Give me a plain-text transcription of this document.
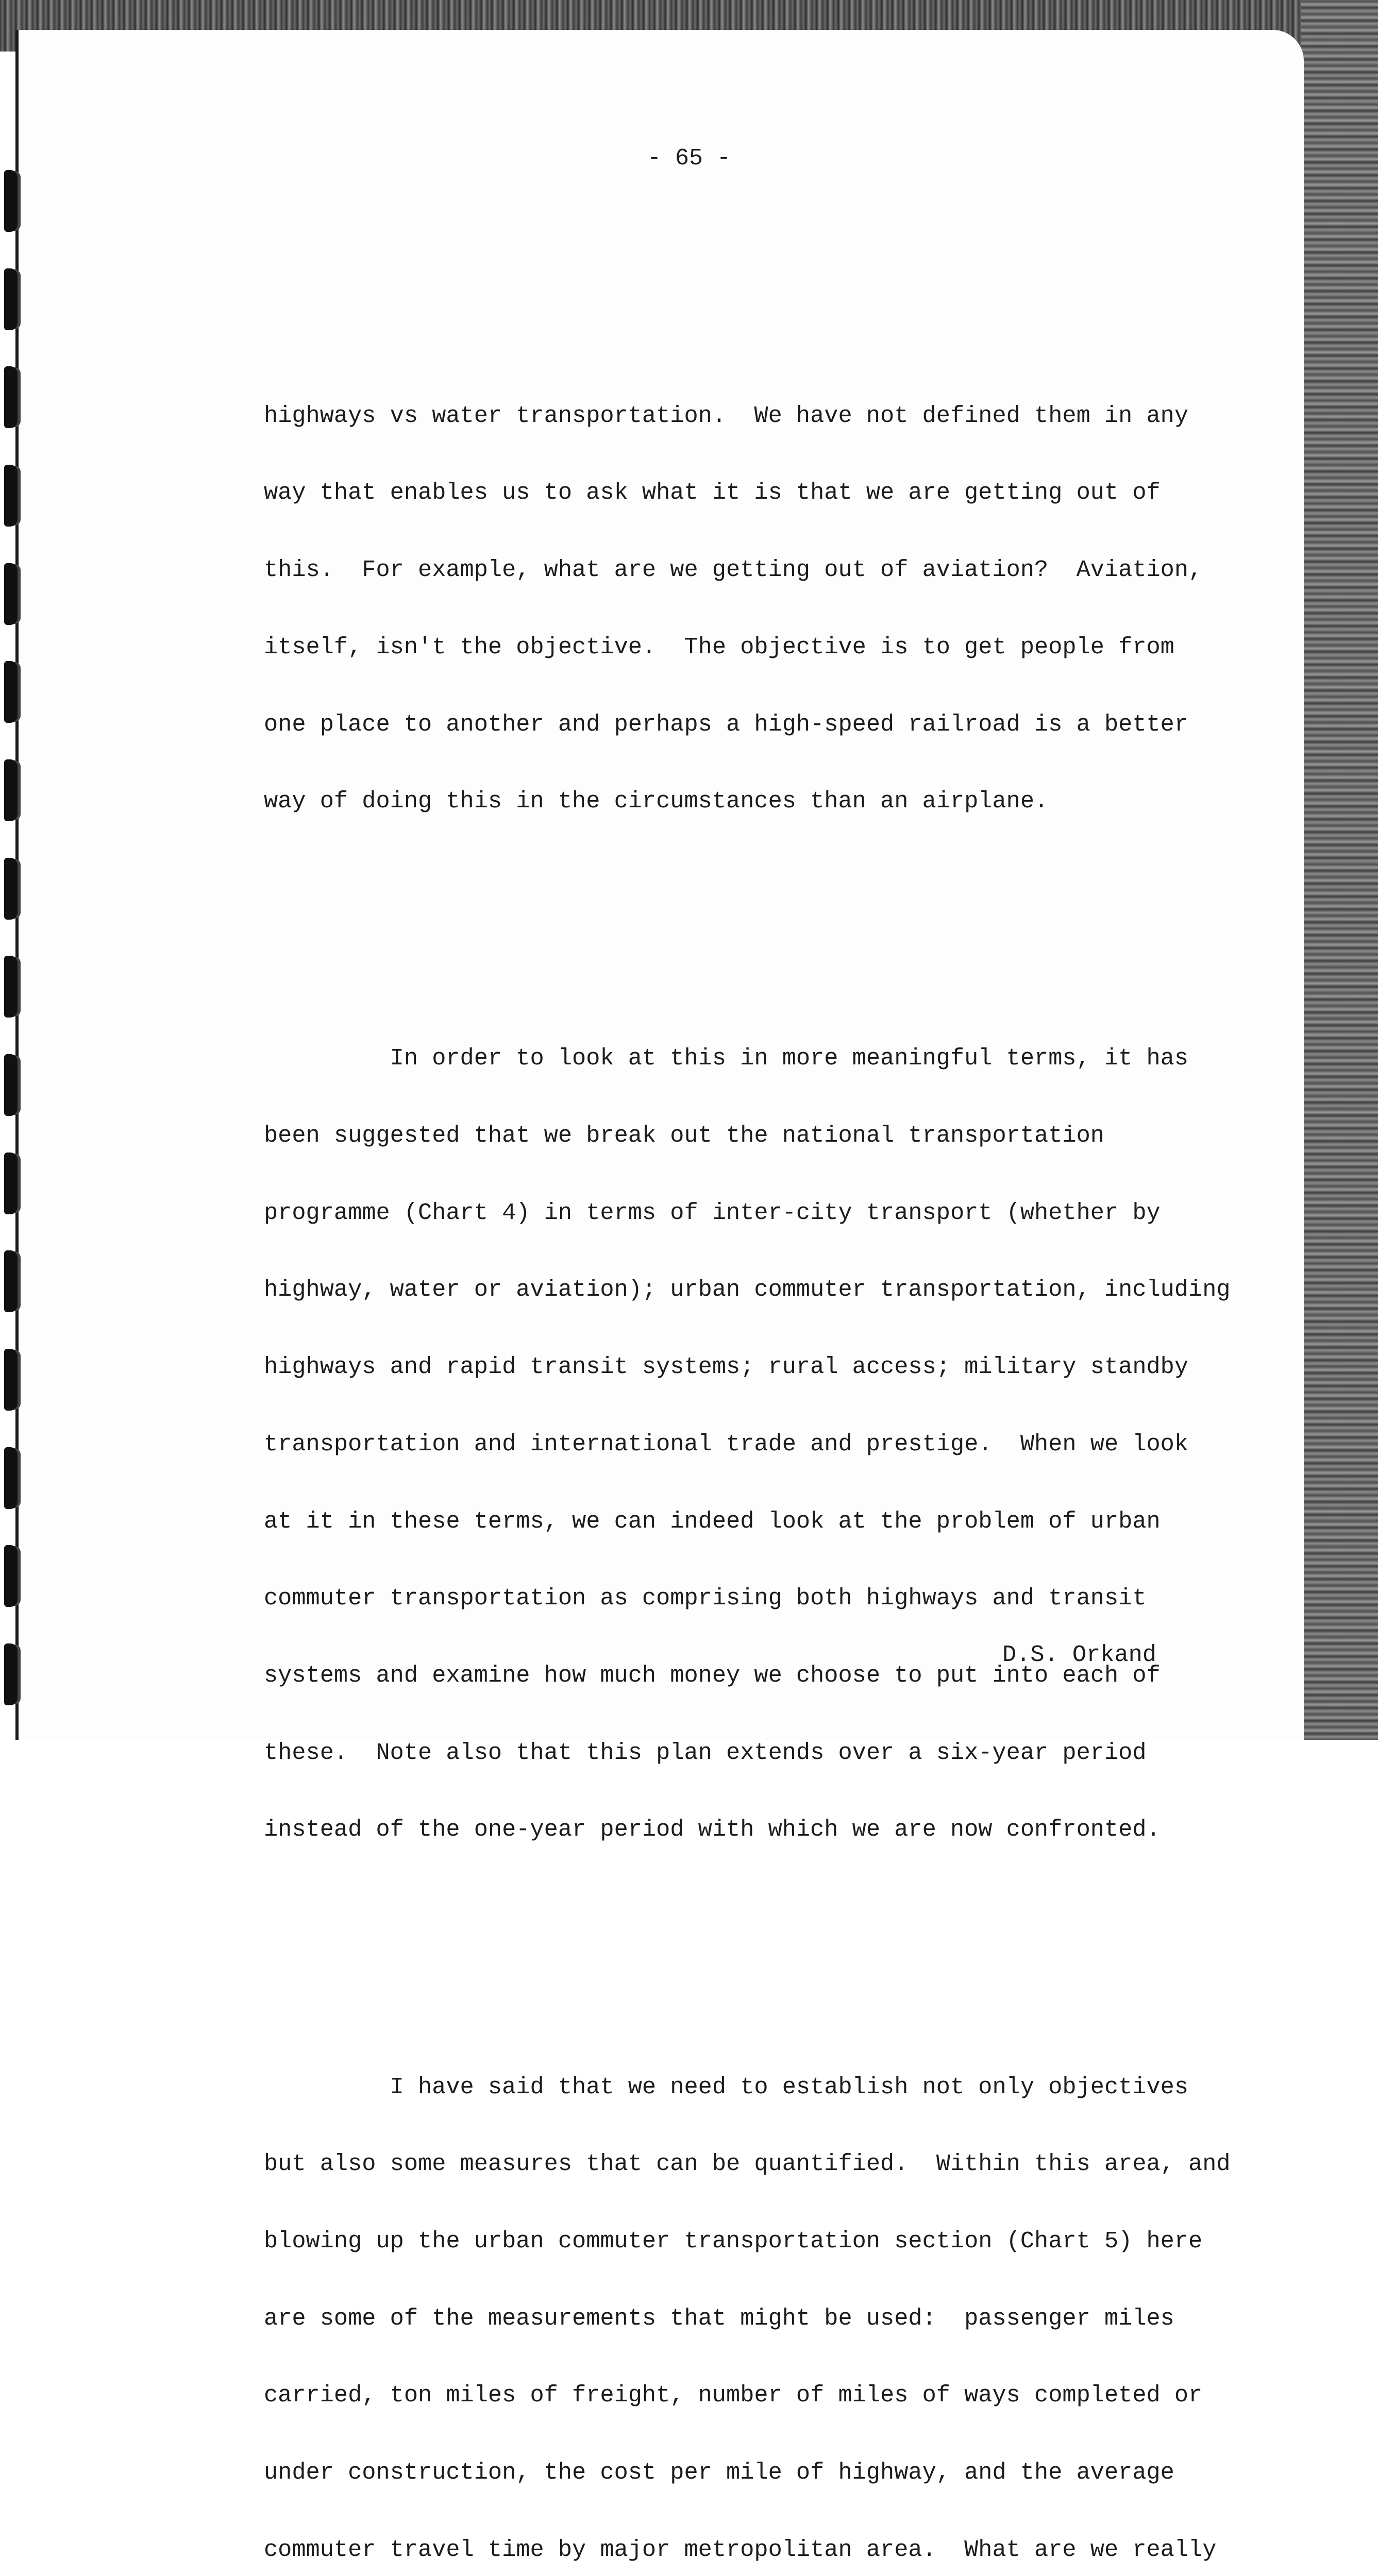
- 65 -

highways vs water transportation.  We have not defined them in any

way that enables us to ask what it is that we are getting out of

this.  For example, what are we getting out of aviation?  Aviation,

itself, isn't the objective.  The objective is to get people from

one place to another and perhaps a high-speed railroad is a better

way of doing this in the circumstances than an airplane.

In order to look at this in more meaningful terms, it has

been suggested that we break out the national transportation

programme (Chart 4) in terms of inter-city transport (whether by

highway, water or aviation); urban commuter transportation, including

highways and rapid transit systems; rural access; military standby

transportation and international trade and prestige.  When we look

at it in these terms, we can indeed look at the problem of urban

commuter transportation as comprising both highways and transit

systems and examine how much money we choose to put into each of

these.  Note also that this plan extends over a six-year period

instead of the one-year period with which we are now confronted.

I have said that we need to establish not only objectives

but also some measures that can be quantified.  Within this area, and

blowing up the urban commuter transportation section (Chart 5) here

are some of the measurements that might be used:  passenger miles

carried, ton miles of freight, number of miles of ways completed or

under construction, the cost per mile of highway, and the average

commuter travel time by major metropolitan area.  What are we really

D.S. Orkand
